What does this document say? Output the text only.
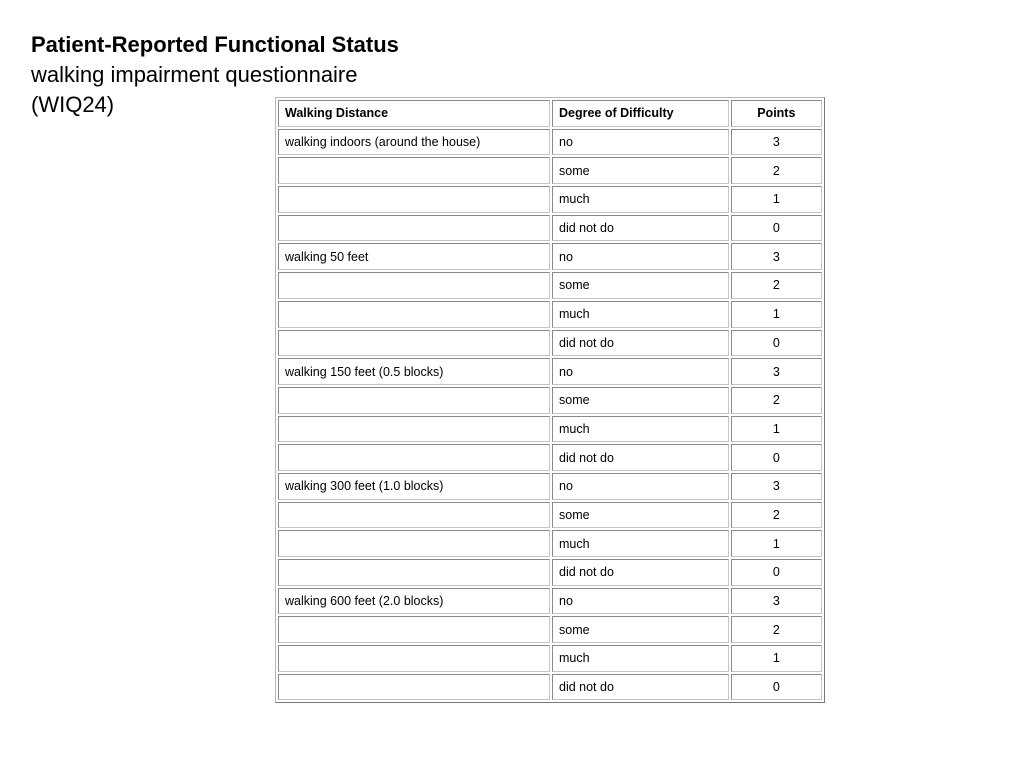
Patient-Reported Functional Status
walking impairment questionnaire
(WIQ24)	Walking Distance	Degree of Difficulty	Points
walking indoors (around the house)	no	3
	some	2
	much	1
	did not do	0
walking 50 feet	no	3
	some	2
	much	1
	did not do	0
walking 150 feet (0.5 blocks)	no	3
	some	2
	much	1
	did not do	0
walking 300 feet (1.0 blocks)	no	3
	some	2
	much	1
	did not do	0
walking 600 feet (2.0 blocks)	no	3
	some	2
	much	1
	did not do	0
